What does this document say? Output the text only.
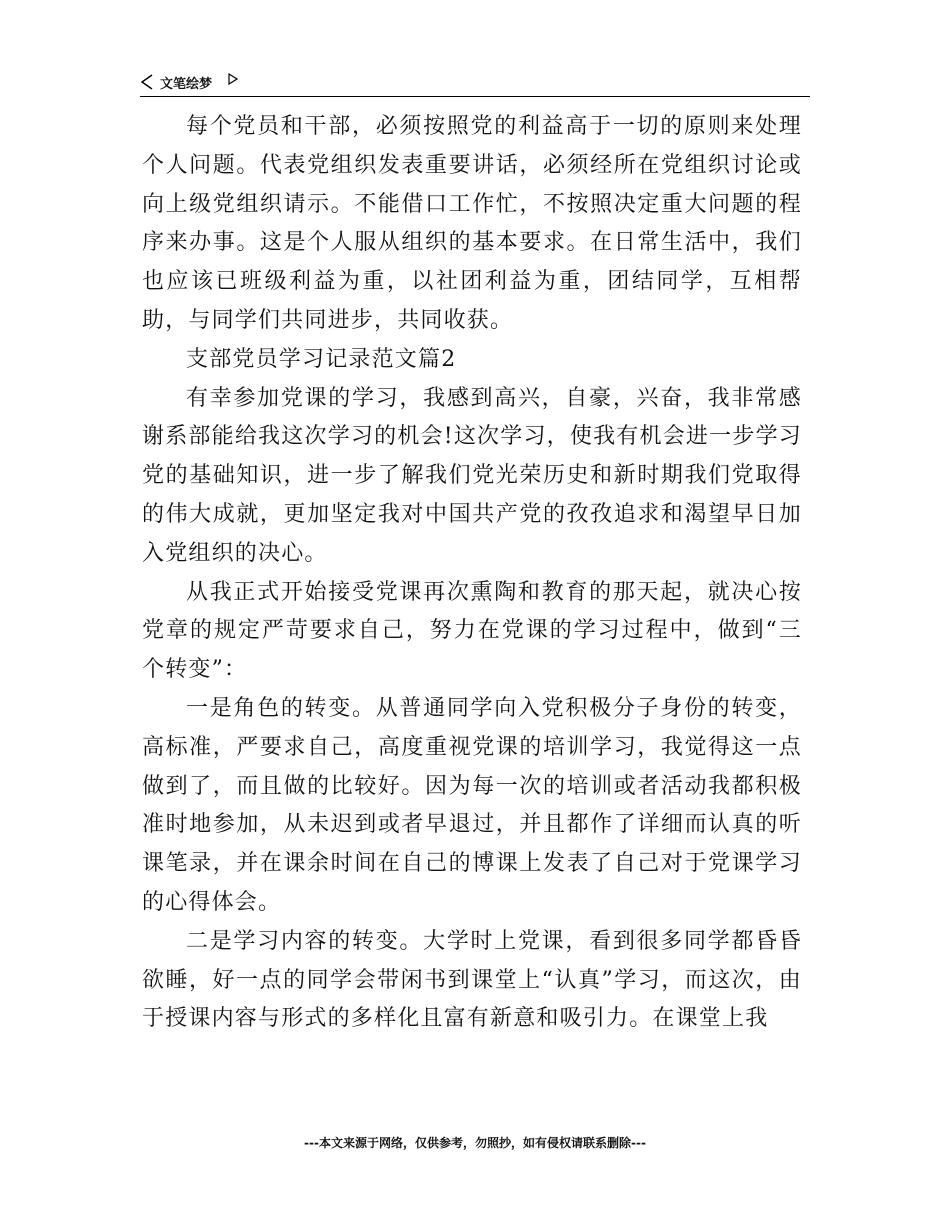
文笔绘梦

每个党员和干部，必须按照党的利益高于一切的原则来处理个人问题。代表党组织发表重要讲话，必须经所在党组织讨论或向上级党组织请示。不能借口工作忙，不按照决定重大问题的程序来办事。这是个人服从组织的基本要求。在日常生活中，我们也应该已班级利益为重，以社团利益为重，团结同学，互相帮助，与同学们共同进步，共同收获。

支部党员学习记录范文篇2

有幸参加党课的学习，我感到高兴，自豪，兴奋，我非常感谢系部能给我这次学习的机会!这次学习，使我有机会进一步学习党的基础知识，进一步了解我们党光荣历史和新时期我们党取得的伟大成就，更加坚定我对中国共产党的孜孜追求和渴望早日加入党组织的决心。

从我正式开始接受党课再次熏陶和教育的那天起，就决心按党章的规定严苛要求自己，努力在党课的学习过程中，做到“三个转变”：

一是角色的转变。从普通同学向入党积极分子身份的转变，高标准，严要求自己，高度重视党课的培训学习，我觉得这一点做到了，而且做的比较好。因为每一次的培训或者活动我都积极准时地参加，从未迟到或者早退过，并且都作了详细而认真的听课笔录，并在课余时间在自己的博课上发表了自己对于党课学习的心得体会。

二是学习内容的转变。大学时上党课，看到很多同学都昏昏欲睡，好一点的同学会带闲书到课堂上“认真”学习，而这次，由于授课内容与形式的多样化且富有新意和吸引力。在课堂上我

---本文来源于网络，仅供参考，勿照抄，如有侵权请联系删除---
